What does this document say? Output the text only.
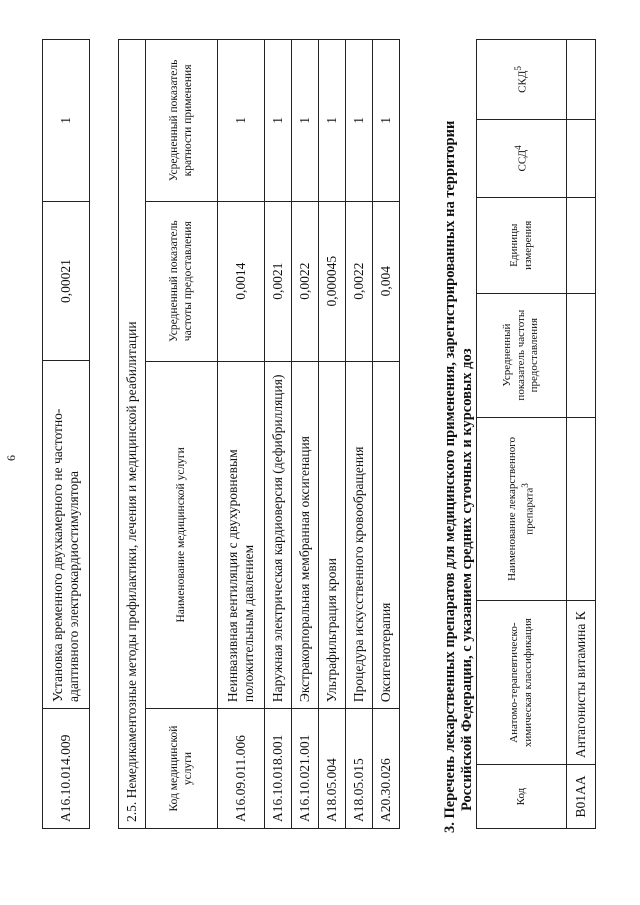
6
A16.10.014.009	Установка временного двухкамерного не частотно-адаптивного электрокардиостимулятора	0,00021	1
2.5. Немедикаментозные методы профилактики, лечения и медицинской реабилитации			
Код медицинской услуги	Наименование медицинской услуги	Усредненный показатель частоты предоставления	Усредненный показатель кратности применения
A16.09.011.006	Неинвазивная вентиляция с двухуровневым положительным давлением	0,0014	1
A16.10.018.001	Наружная электрическая кардиоверсия (дефибрилляция)	0,0021	1
A16.10.021.001	Экстракорпоральная мембранная оксигенация	0,0022	1
A18.05.004	Ультрафильтрация крови	0,000045	1
A18.05.015	Процедура искусственного кровообращения	0,0022	1
A20.30.026	Оксигенотерапия	0,004	1
3. Перечень лекарственных препаратов для медицинского применения, зарегистрированных на территории Российской Федерации, с указанием средних суточных и курсовых доз	Код	Анатомо-терапевтическо-химическая классификация	Наименование лекарственного препарата$^3$	Усредненный показатель частоты предоставления	Единицы измерения	ССД$^4$	СКД$^5$
B01AA	Антагонисты витамина К					
